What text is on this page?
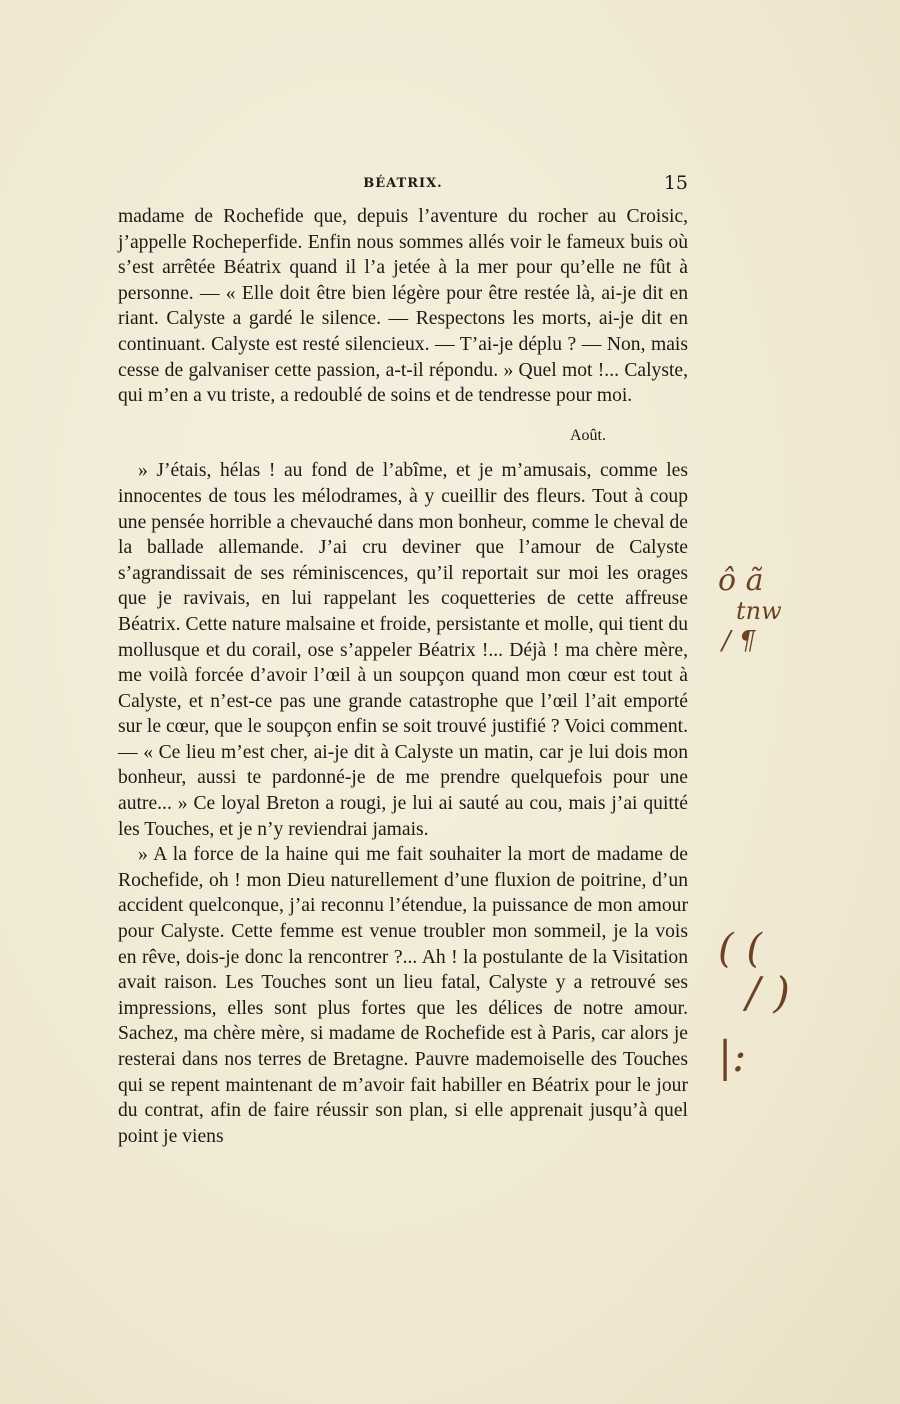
BÉATRIX.	15

madame de Rochefide que, depuis l’aventure du rocher au Croisic, j’appelle Rocheperfide. Enfin nous sommes allés voir le fameux buis où s’est arrêtée Béatrix quand il l’a jetée à la mer pour qu’elle ne fût à personne. — « Elle doit être bien légère pour être restée là, ai-je dit en riant. Calyste a gardé le silence. — Respectons les morts, ai-je dit en continuant. Calyste est resté silencieux. — T’ai-je déplu ? — Non, mais cesse de galvaniser cette passion, a-t-il répondu. » Quel mot !... Calyste, qui m’en a vu triste, a redoublé de soins et de tendresse pour moi.

Août.

» J’étais, hélas ! au fond de l’abîme, et je m’amusais, comme les innocentes de tous les mélodrames, à y cueillir des fleurs. Tout à coup une pensée horrible a chevauché dans mon bonheur, comme le cheval de la ballade allemande. J’ai cru deviner que l’amour de Calyste s’agrandissait de ses réminiscences, qu’il reportait sur moi les orages que je ravivais, en lui rappelant les coquetteries de cette affreuse Béatrix. Cette nature malsaine et froide, persistante et molle, qui tient du mollusque et du corail, ose s’appeler Béatrix !... Déjà ! ma chère mère, me voilà forcée d’avoir l’œil à un soupçon quand mon cœur est tout à Calyste, et n’est-ce pas une grande catastrophe que l’œil l’ait emporté sur le cœur, que le soupçon enfin se soit trouvé justifié ? Voici comment. — « Ce lieu m’est cher, ai-je dit à Calyste un matin, car je lui dois mon bonheur, aussi te pardonné-je de me prendre quelquefois pour une autre... » Ce loyal Breton a rougi, je lui ai sauté au cou, mais j’ai quitté les Touches, et je n’y reviendrai jamais.

» A la force de la haine qui me fait souhaiter la mort de madame de Rochefide, oh ! mon Dieu naturellement d’une fluxion de poitrine, d’un accident quelconque, j’ai reconnu l’étendue, la puissance de mon amour pour Calyste. Cette femme est venue troubler mon sommeil, je la vois en rêve, dois-je donc la rencontrer ?... Ah ! la postulante de la Visitation avait raison. Les Touches sont un lieu fatal, Calyste y a retrouvé ses impressions, elles sont plus fortes que les délices de notre amour. Sachez, ma chère mère, si madame de Rochefide est à Paris, car alors je resterai dans nos terres de Bretagne. Pauvre mademoiselle des Touches qui se repent maintenant de m’avoir fait habiller en Béatrix pour le jour du contrat, afin de faire réussir son plan, si elle apprenait jusqu’à quel point je viens

ô ã
tnw
/ ¶
( (
/ )
|:
